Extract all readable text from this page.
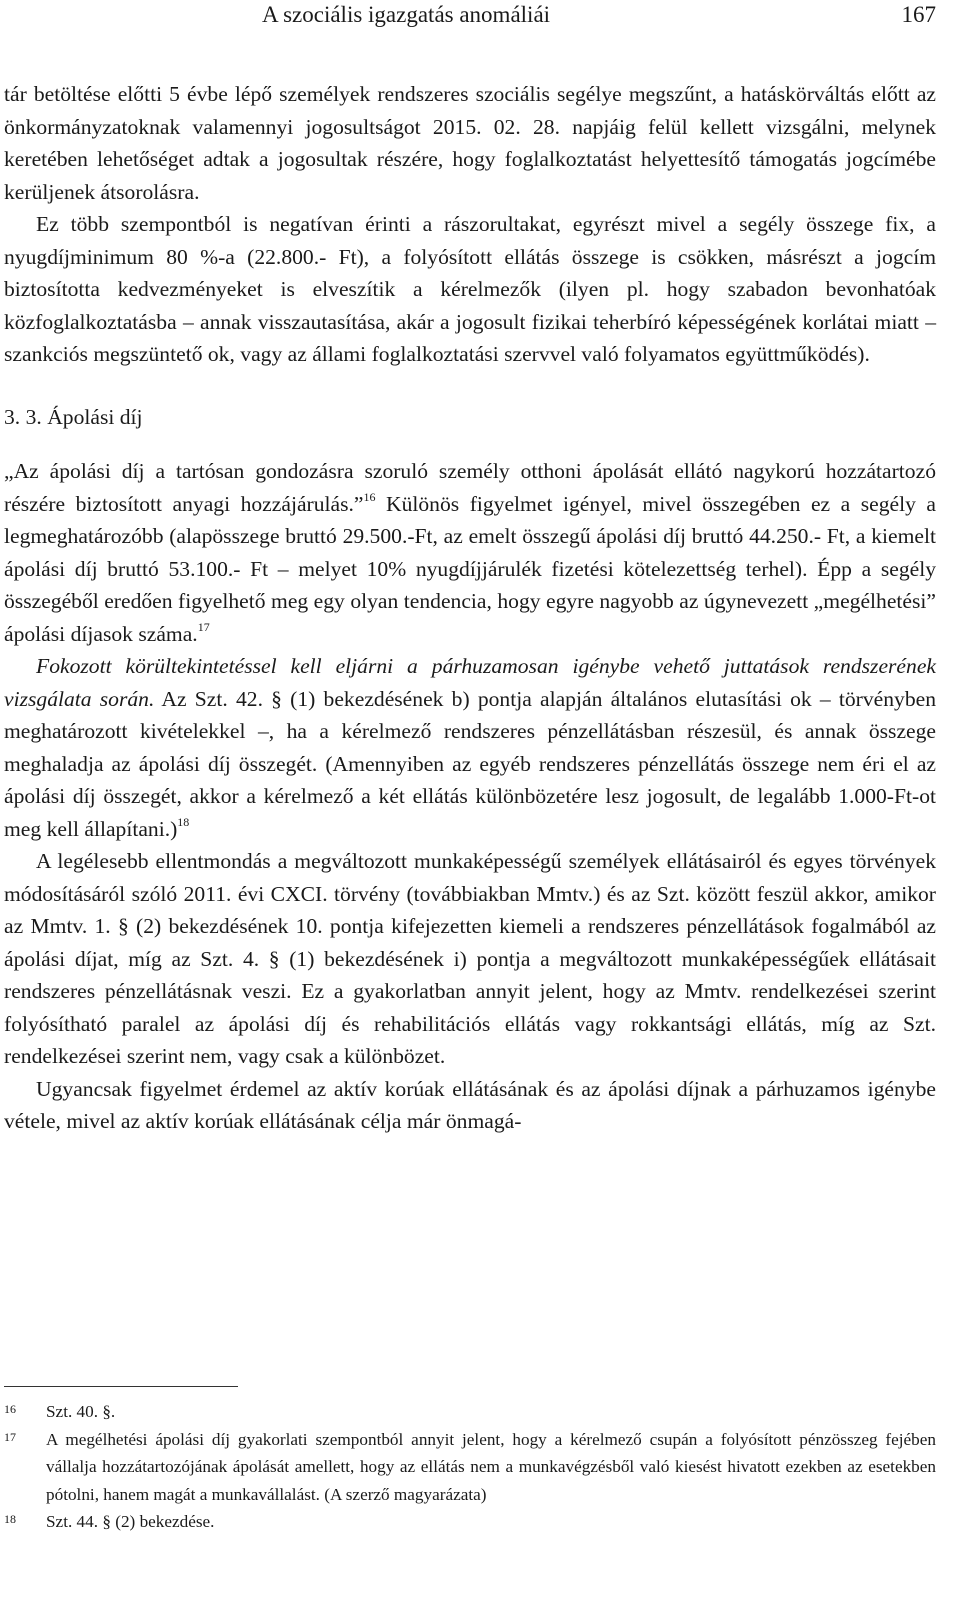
A szociális igazgatás anomáliái	167

tár betöltése előtti 5 évbe lépő személyek rendszeres szociális segélye megszűnt, a hatáskörváltás előtt az önkormányzatoknak valamennyi jogosultságot 2015. 02. 28. napjáig felül kellett vizsgálni, melynek keretében lehetőséget adtak a jogosultak részére, hogy foglalkoztatást helyettesítő támogatás jogcímébe kerüljenek átsorolásra.

Ez több szempontból is negatívan érinti a rászorultakat, egyrészt mivel a segély összege fix, a nyugdíjminimum 80 %-a (22.800.- Ft), a folyósított ellátás összege is csökken, másrészt a jogcím biztosította kedvezményeket is elveszítik a kérelmezők (ilyen pl. hogy szabadon bevonhatóak közfoglalkoztatásba – annak visszautasítása, akár a jogosult fizikai teherbíró képességének korlátai miatt – szankciós megszüntető ok, vagy az állami foglalkoztatási szervvel való folyamatos együttműködés).

3. 3. Ápolási díj

„Az ápolási díj a tartósan gondozásra szoruló személy otthoni ápolását ellátó nagykorú hozzátartozó részére biztosított anyagi hozzájárulás.”$^{16}$ Különös figyelmet igényel, mivel összegében ez a segély a legmeghatározóbb (alapösszege bruttó 29.500.-Ft, az emelt összegű ápolási díj bruttó 44.250.- Ft, a kiemelt ápolási díj bruttó 53.100.- Ft – melyet 10% nyugdíjjárulék fizetési kötelezettség terhel). Épp a segély összegéből eredően figyelhető meg egy olyan tendencia, hogy egyre nagyobb az úgynevezett „megélhetési” ápolási díjasok száma.$^{17}$

Fokozott körültekintetéssel kell eljárni a párhuzamosan igénybe vehető juttatások rendszerének vizsgálata során. Az Szt. 42. § (1) bekezdésének b) pontja alapján általános elutasítási ok – törvényben meghatározott kivételekkel –, ha a kérelmező rendszeres pénzellátásban részesül, és annak összege meghaladja az ápolási díj összegét. (Amennyiben az egyéb rendszeres pénzellátás összege nem éri el az ápolási díj összegét, akkor a kérelmező a két ellátás különbözetére lesz jogosult, de legalább 1.000-Ft-ot meg kell állapítani.)$^{18}$

A legélesebb ellentmondás a megváltozott munkaképességű személyek ellátásairól és egyes törvények módosításáról szóló 2011. évi CXCI. törvény (továbbiakban Mmtv.) és az Szt. között feszül akkor, amikor az Mmtv. 1. § (2) bekezdésének 10. pontja kifejezetten kiemeli a rendszeres pénzellátások fogalmából az ápolási díjat, míg az Szt. 4. § (1) bekezdésének i) pontja a megváltozott munkaképességűek ellátásait rendszeres pénzellátásnak veszi. Ez a gyakorlatban annyit jelent, hogy az Mmtv. rendelkezései szerint folyósítható paralel az ápolási díj és rehabilitációs ellátás vagy rokkantsági ellátás, míg az Szt. rendelkezései szerint nem, vagy csak a különbözet.

Ugyancsak figyelmet érdemel az aktív korúak ellátásának és az ápolási díjnak a párhuzamos igénybe vétele, mivel az aktív korúak ellátásának célja már önmagá-

16	Szt. 40. §.

17	A megélhetési ápolási díj gyakorlati szempontból annyit jelent, hogy a kérelmező csupán a folyósított pénzösszeg fejében vállalja hozzátartozójának ápolását amellett, hogy az ellátás nem a munkavégzésből való kiesést hivatott ezekben az esetekben pótolni, hanem magát a munkavállalást. (A szerző magyarázata)

18	Szt. 44. § (2) bekezdése.
